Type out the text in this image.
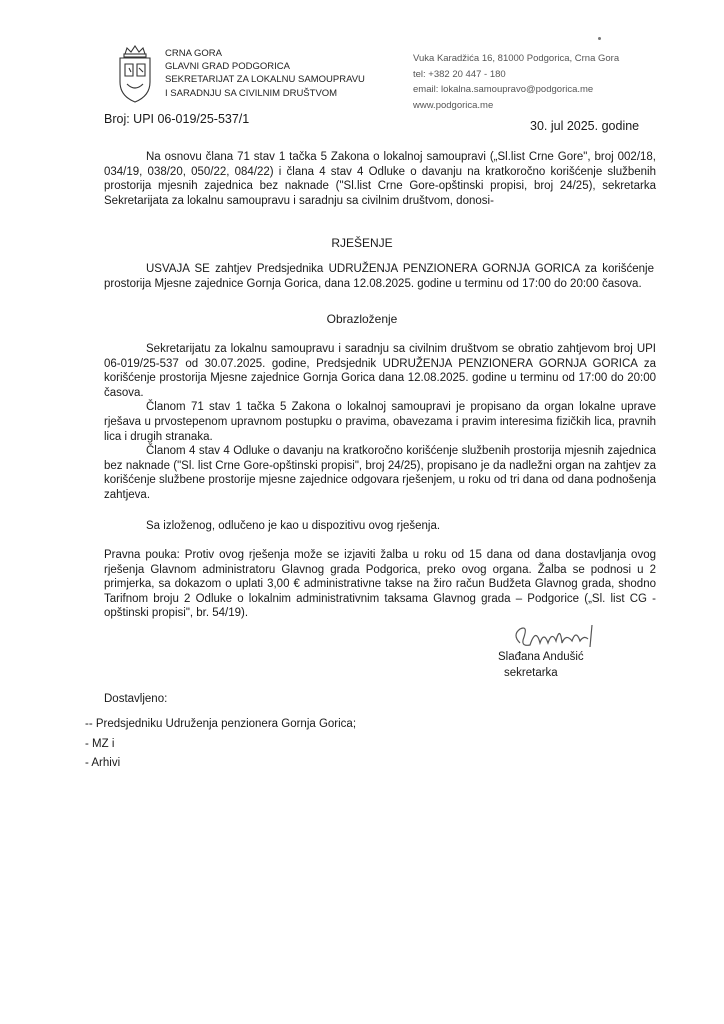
CRNA GORA
GLAVNI GRAD PODGORICA
SEKRETARIJAT ZA LOKALNU SAMOUPRAVU
I SARADNJU SA CIVILNIM DRUŠTVOM
Vuka Karadžića 16, 81000 Podgorica, Crna Gora
tel: +382 20 447 - 180
email: lokalna.samoupravo@podgorica.me
www.podgorica.me
Broj: UPI 06-019/25-537/1	30. jul 2025. godine
Na osnovu člana 71 stav 1 tačka 5 Zakona o lokalnoj samoupravi („Sl.list Crne Gore", broj 002/18, 034/19, 038/20, 050/22, 084/22) i člana 4 stav 4 Odluke o davanju na kratkoročno korišćenje službenih prostorija mjesnih zajednica bez naknade ("Sl.list Crne Gore-opštinski propisi, broj 24/25), sekretarka Sekretarijata za lokalnu samoupravu i saradnju sa civilnim društvom, donosi-
RJEŠENJE
USVAJA SE zahtjev Predsjednika UDRUŽENJA PENZIONERA GORNJA GORICA za korišćenje prostorija Mjesne zajednice Gornja Gorica, dana 12.08.2025. godine u terminu od 17:00 do 20:00 časova.
Obrazloženje
Sekretarijatu za lokalnu samoupravu i saradnju sa civilnim društvom se obratio zahtjevom broj UPI 06-019/25-537 od 30.07.2025. godine, Predsjednik UDRUŽENJA PENZIONERA GORNJA GORICA za korišćenje prostorija Mjesne zajednice Gornja Gorica dana 12.08.2025. godine u terminu od 17:00 do 20:00 časova.
Članom 71 stav 1 tačka 5 Zakona o lokalnoj samoupravi je propisano da organ lokalne uprave rješava u prvostepenom upravnom postupku o pravima, obavezama i pravim interesima fizičkih lica, pravnih lica i drugih stranaka.
Članom 4 stav 4 Odluke o davanju na kratkoročno korišćenje službenih prostorija mjesnih zajednica bez naknade ("Sl. list Crne Gore-opštinski propisi", broj 24/25), propisano je da nadležni organ na zahtjev za korišćenje službene prostorije mjesne zajednice odgovara rješenjem, u roku od tri dana od dana podnošenja zahtjeva.
Sa izloženog, odlučeno je kao u dispozitivu ovog rješenja.
Pravna pouka: Protiv ovog rješenja može se izjaviti žalba u roku od 15 dana od dana dostavljanja ovog rješenja Glavnom administratoru Glavnog grada Podgorica, preko ovog organa. Žalba se podnosi u 2 primjerka, sa dokazom o uplati 3,00 € administrativne takse na žiro račun Budžeta Glavnog grada, shodno Tarifnom broju 2 Odluke o lokalnim administrativnim taksama Glavnog grada – Podgorice („Sl. list CG - opštinski propisi", br. 54/19).
Slađana Andušić
sekretarka
Dostavljeno:
-- Predsjedniku Udruženja penzionera Gornja Gorica;
- MZ i
- Arhivi
